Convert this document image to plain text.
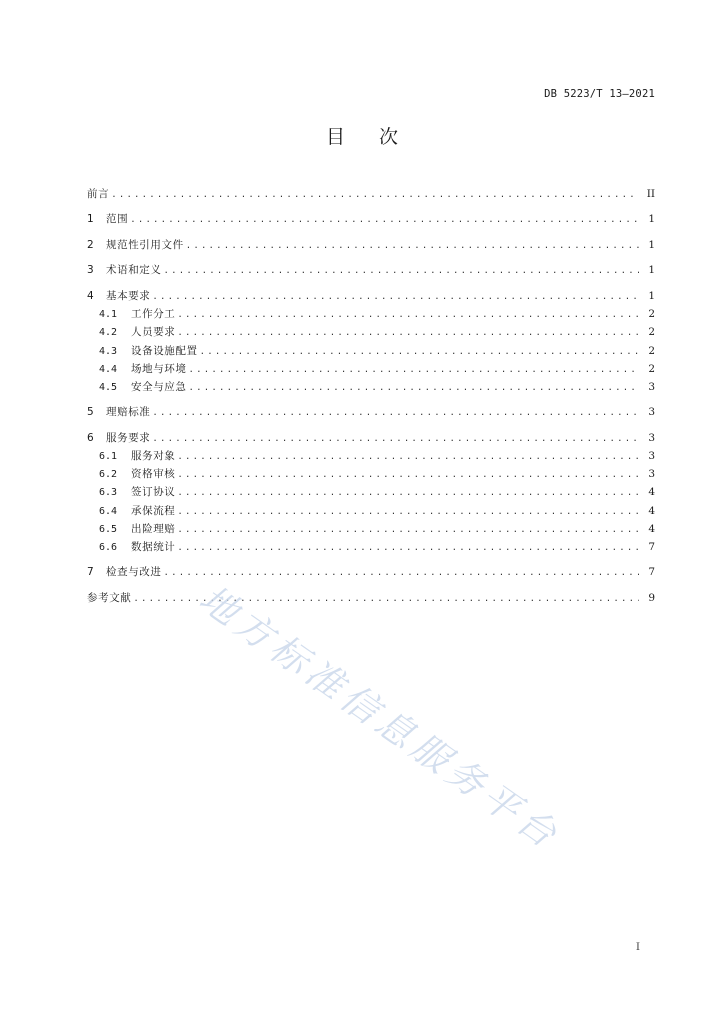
DB 5223/T 13—2021
目 次
前言 .....	II
1	范围 .....	1
2	规范性引用文件 .....	1
3	术语和定义 .....	1
4	基本要求 .....	1
4.1	工作分工 .....	2
4.2	人员要求 .....	2
4.3	设备设施配置 .....	2
4.4	场地与环境 .....	2
4.5	安全与应急 .....	3
5	理赔标准 .....	3
6	服务要求 .....	3
6.1	服务对象 .....	3
6.2	资格审核 .....	3
6.3	签订协议 .....	4
6.4	承保流程 .....	4
6.5	出险理赔 .....	4
6.6	数据统计 .....	7
7	检查与改进 .....	7
参考文献 .....	9
地方标准信息服务平台
I
